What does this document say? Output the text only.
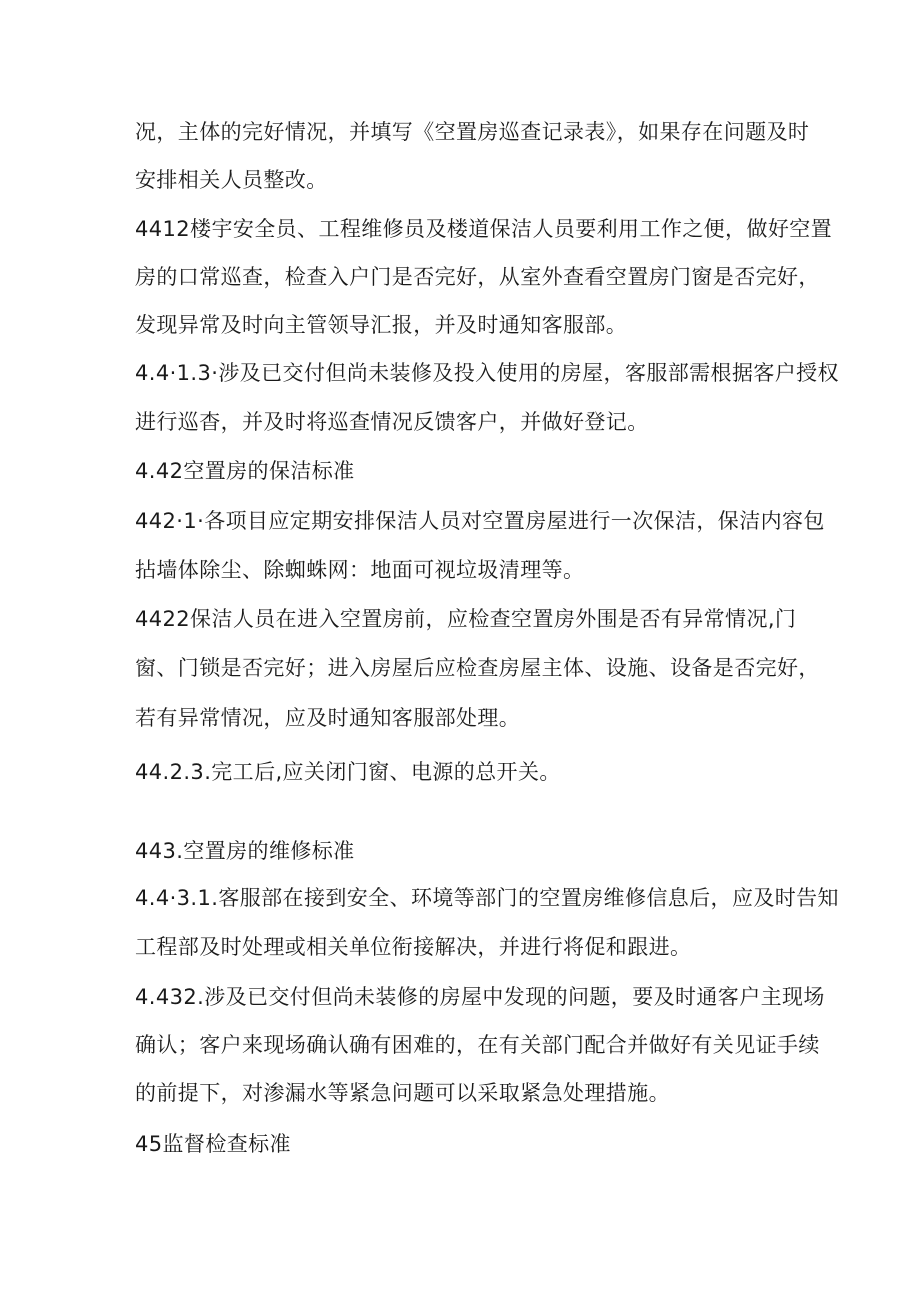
况，主体的完好情况，并填写《空置房巡查记录表》，如果存在问题及时

安排相关人员整改。

4412楼宇安全员、工程维修员及楼道保洁人员要利用工作之便，做好空置

房的口常巡查，检查入户门是否完好，从室外查看空置房门窗是否完好，

发现异常及时向主管领导汇报，并及时通知客服部。

4.4·1.3·涉及已交付但尚未装修及投入使用的房屋，客服部需根据客户授权

进行巡杳，并及时将巡查情况反馈客户，并做好登记。

4.42空置房的保洁标准

442·1·各项目应定期安排保洁人员对空置房屋进行一次保洁，保洁内容包

拈墙体除尘、除蜘蛛网：地面可视垃圾清理等。

4422保洁人员在进入空置房前，应检查空置房外围是否有异常情况,门

窗、门锁是否完好；进入房屋后应检查房屋主体、设施、设备是否完好，

若有异常情况，应及时通知客服部处理。

44.2.3.完工后,应关闭门窗、电源的总开关。

443.空置房的维修标准

4.4·3.1.客服部在接到安全、环境等部门的空置房维修信息后，应及时告知

工程部及时处理或相关单位衔接解决，并进行将促和跟进。

4.432.涉及已交付但尚未装修的房屋中发现的问题，要及时通客户主现场

确认；客户来现场确认确有困难的，在有关部门配合并做好有关见证手续

的前提下，对渗漏水等紧急问题可以采取紧急处理措施。

45监督检查标准
